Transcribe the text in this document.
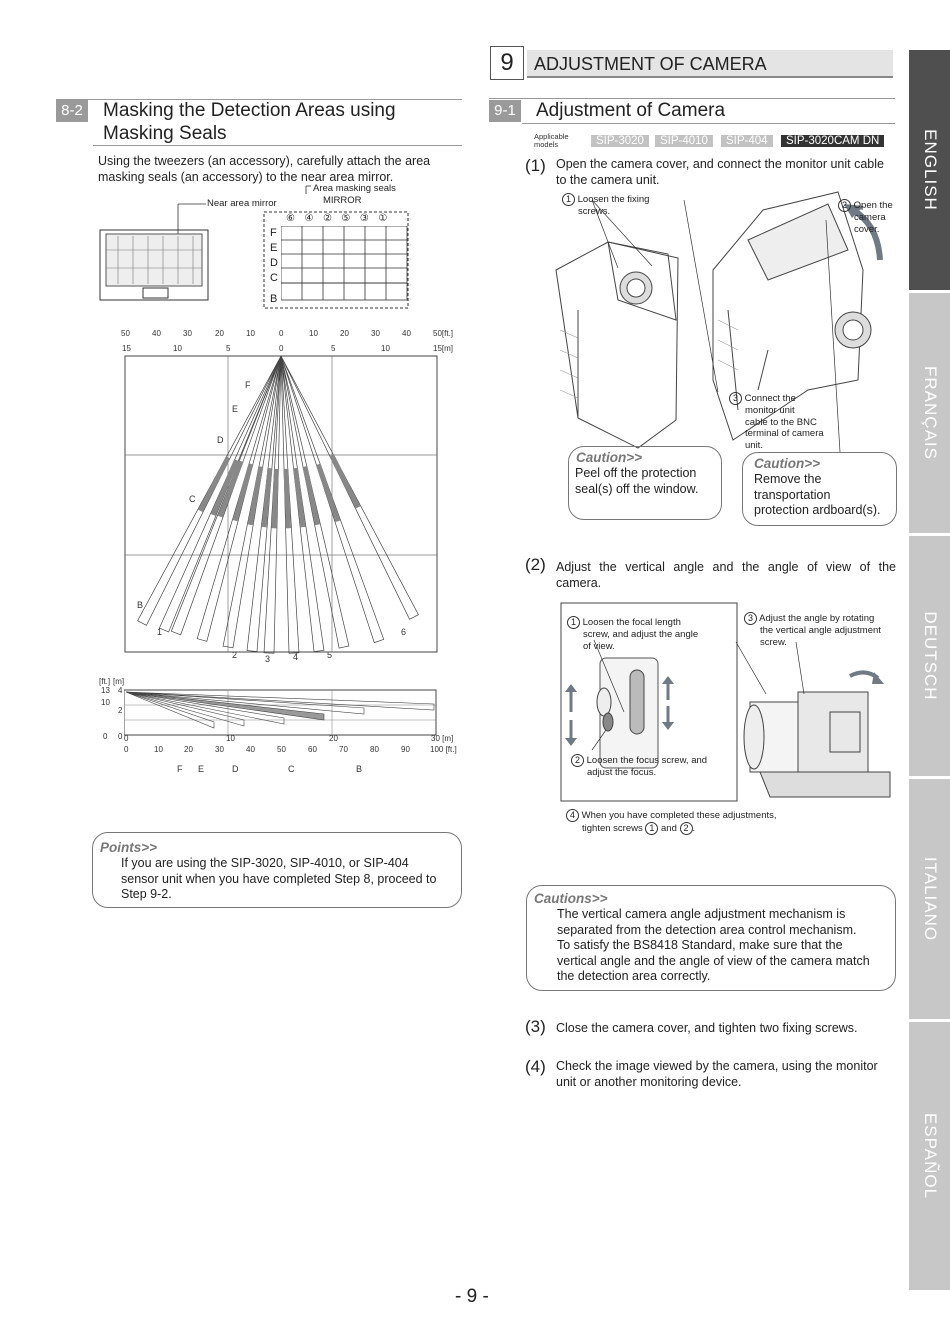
ENGLISH
FRANÇAIS
DEUTSCH
ITALIANO
ESPAÑOL
9	ADJUSTMENT OF CAMERA
8-2 Masking the Detection Areas using
Masking Seals
Using the tweezers (an accessory), carefully attach the area
masking seals (an accessory) to the near area mirror.
Area masking seals
MIRROR
Near area mirror
⑥④②⑤③①
F
E
D
C
B
50	40	30	20	10	0	10	20	30	40	50[ft.]
15	10	5	0	5	10	15[m]
F
E
D
C
B
1
2	3	4	5
6
[ft.] [m]
13
10
0
4
2
0 0	10	20	30 [m]
0	10	20	30	40	50	60	70	80	90	100 [ft.]
F E	D	C	B
Points>>
If you are using the SIP-3020, SIP-4010, or SIP-404
sensor unit when you have completed Step 8, proceed to
Step 9-2.
9-1 Adjustment of Camera
Applicable
models	SIP-3020	SIP-4010	SIP-404	SIP-3020CAM DN
(1) Open the camera cover, and connect the monitor unit cable
to the camera unit.
1 Loosen the fixing
screws.
2 Open the
camera
cover.
3 Connect the
monitor unit
cable to the BNC
terminal of camera
unit.
Caution>>
Peel off the protection
seal(s) off the window.
Caution>>
Remove the
transportation
protection ardboard(s).
(2) Adjust the vertical angle and the angle of view of the
camera.
1 Loosen the focal length
screw, and adjust the angle
of view.
3 Adjust the angle by rotating
the vertical angle adjustment
screw.
2 Loosen the focus screw, and
adjust the focus.
4 When you have completed these adjustments,
tighten screws 1 and 2 .
Cautions>>
The vertical camera angle adjustment mechanism is
separated from the detection area control mechanism.
To satisfy the BS8418 Standard, make sure that the
vertical angle and the angle of view of the camera match
the detection area correctly.
(3) Close the camera cover, and tighten two fixing screws.
(4) Check the image viewed by the camera, using the monitor
unit or another monitoring device.
- 9 -
